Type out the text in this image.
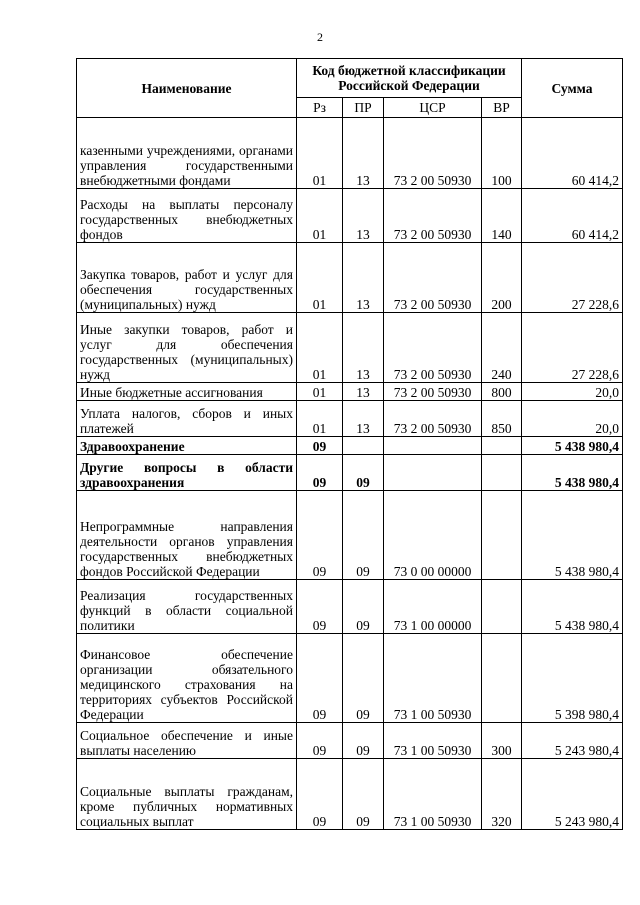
2
Наименование	Код бюджетной классификации Российской Федерации				Сумма
	Рз	ПР	ЦСР	ВР	
казенными учреждениями, органами управления государственными внебюджетными фондами	01	13	73 2 00 50930	100	60 414,2
Расходы на выплаты персоналу государственных внебюджетных фондов	01	13	73 2 00 50930	140	60 414,2
Закупка товаров, работ и услуг для обеспечения государственных (муниципальных) нужд	01	13	73 2 00 50930	200	27 228,6
Иные закупки товаров, работ и услуг для обеспечения государственных (муниципальных) нужд	01	13	73 2 00 50930	240	27 228,6
Иные бюджетные ассигнования	01	13	73 2 00 50930	800	20,0
Уплата налогов, сборов и иных платежей	01	13	73 2 00 50930	850	20,0
Здравоохранение	09				5 438 980,4
Другие вопросы в области здравоохранения	09	09			5 438 980,4
Непрограммные направления деятельности органов управления государственных внебюджетных фондов Российской Федерации	09	09	73 0 00 00000		5 438 980,4
Реализация государственных функций в области социальной политики	09	09	73 1 00 00000		5 438 980,4
Финансовое обеспечение организации обязательного медицинского страхования на территориях субъектов Российской Федерации	09	09	73 1 00 50930		5 398 980,4
Социальное обеспечение и иные выплаты населению	09	09	73 1 00 50930	300	5 243 980,4
Социальные выплаты гражданам, кроме публичных нормативных социальных выплат	09	09	73 1 00 50930	320	5 243 980,4
